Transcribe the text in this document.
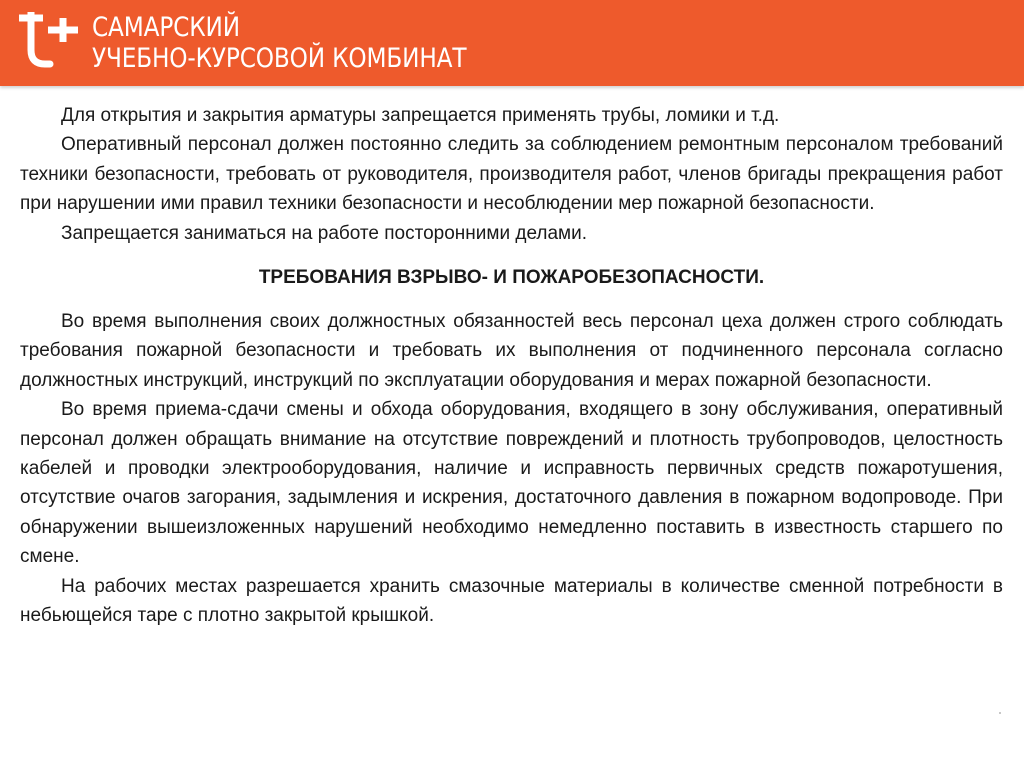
САМАРСКИЙ
УЧЕБНО-КУРСОВОЙ КОМБИНАТ

Для открытия и закрытия арматуры запрещается применять трубы, ломики и т.д.

Оперативный персонал должен постоянно следить за соблюдением ремонтным персоналом требований техники безопасности, требовать от руководителя, производителя работ, членов бригады прекращения работ при нарушении ими правил техники безопасности и несоблюдении мер пожарной безопасности.

Запрещается заниматься на работе посторонними делами.

ТРЕБОВАНИЯ ВЗРЫВО- И ПОЖАРОБЕЗОПАСНОСТИ.

Во время выполнения своих должностных обязанностей весь персонал цеха должен строго соблюдать требования пожарной безопасности и требовать их выполнения от подчиненного персонала согласно должностных инструкций, инструкций по эксплуатации оборудования и мерах пожарной безопасности.

Во время приема-сдачи смены и обхода оборудования, входящего в зону обслуживания, оперативный персонал должен обращать внимание на отсутствие повреждений и плотность трубопроводов, целостность кабелей и проводки электрооборудования, наличие и исправность первичных средств пожаротушения, отсутствие очагов загорания, задымления и искрения, достаточного давления в пожарном водопроводе. При обнаружении вышеизложенных нарушений необходимо немедленно поставить в известность старшего по смене.

На рабочих местах разрешается хранить смазочные материалы в количестве сменной потребности в небьющейся таре с плотно закрытой крышкой.
